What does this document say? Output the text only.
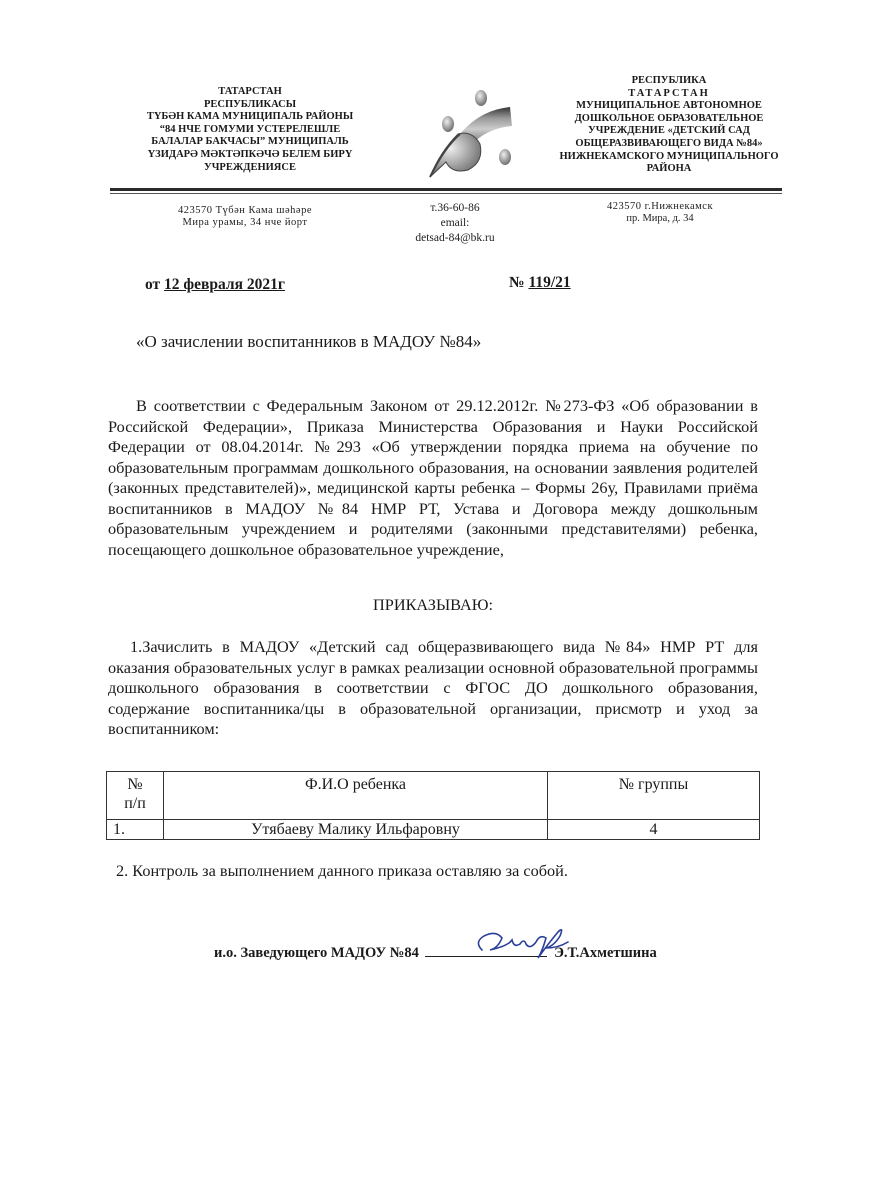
ТАТАРСТАН
РЕСПУБЛИКАСЫ
ТҮБӘН КАМА МУНИЦИПАЛЬ РАЙОНЫ
“84 НЧЕ ГОМУМИ УСТЕРЕЛЕШЛЕ
БАЛАЛАР БАКЧАСЫ” МУНИЦИПАЛЬ
ҮЗИДАРӘ МӘКТӘПКӘЧӘ БЕЛЕМ БИРҮ
УЧРЕЖДЕНИЯСЕ
РЕСПУБЛИКА
ТАТАРСТАН
МУНИЦИПАЛЬНОЕ АВТОНОМНОЕ
ДОШКОЛЬНОЕ ОБРАЗОВАТЕЛЬНОЕ
УЧРЕЖДЕНИЕ «ДЕТСКИЙ САД
ОБЩЕРАЗВИВАЮЩЕГО ВИДА №84»
НИЖНЕКАМСКОГО МУНИЦИПАЛЬНОГО
РАЙОНА
423570 Түбән Кама шәһәре
Мира урамы, 34 нче йорт
т.36-60-86
email:
detsad-84@bk.ru
423570 г.Нижнекамск
пр. Мира, д. 34
от 12 февраля 2021г	№ 119/21
«О зачислении воспитанников в МАДОУ №84»
В соответствии с Федеральным Законом от 29.12.2012г. №273-ФЗ «Об образовании в Российской Федерации», Приказа Министерства Образования и Науки Российской Федерации от 08.04.2014г. №293 «Об утверждении порядка приема на обучение по образовательным программам дошкольного образования, на основании заявления родителей (законных представителей)», медицинской карты ребенка – Формы 26у, Правилами приёма воспитанников в МАДОУ №84 НМР РТ, Устава и Договора между дошкольным образовательным учреждением и родителями (законными представителями) ребенка, посещающего дошкольное образовательное учреждение,
ПРИКАЗЫВАЮ:
1.Зачислить в МАДОУ «Детский сад общеразвивающего вида №84» НМР РТ для оказания образовательных услуг в рамках реализации основной образовательной программы дошкольного образования в соответствии с ФГОС ДО дошкольного образования, содержание воспитанника/цы в образовательной организации, присмотр и уход за воспитанником:
№ п/п	Ф.И.О ребенка	№ группы
1.	Утябаеву Малику Ильфаровну	4
2. Контроль за выполнением данного приказа оставляю за собой.
и.о. Заведующего МАДОУ №84	Э.Т.Ахметшина
